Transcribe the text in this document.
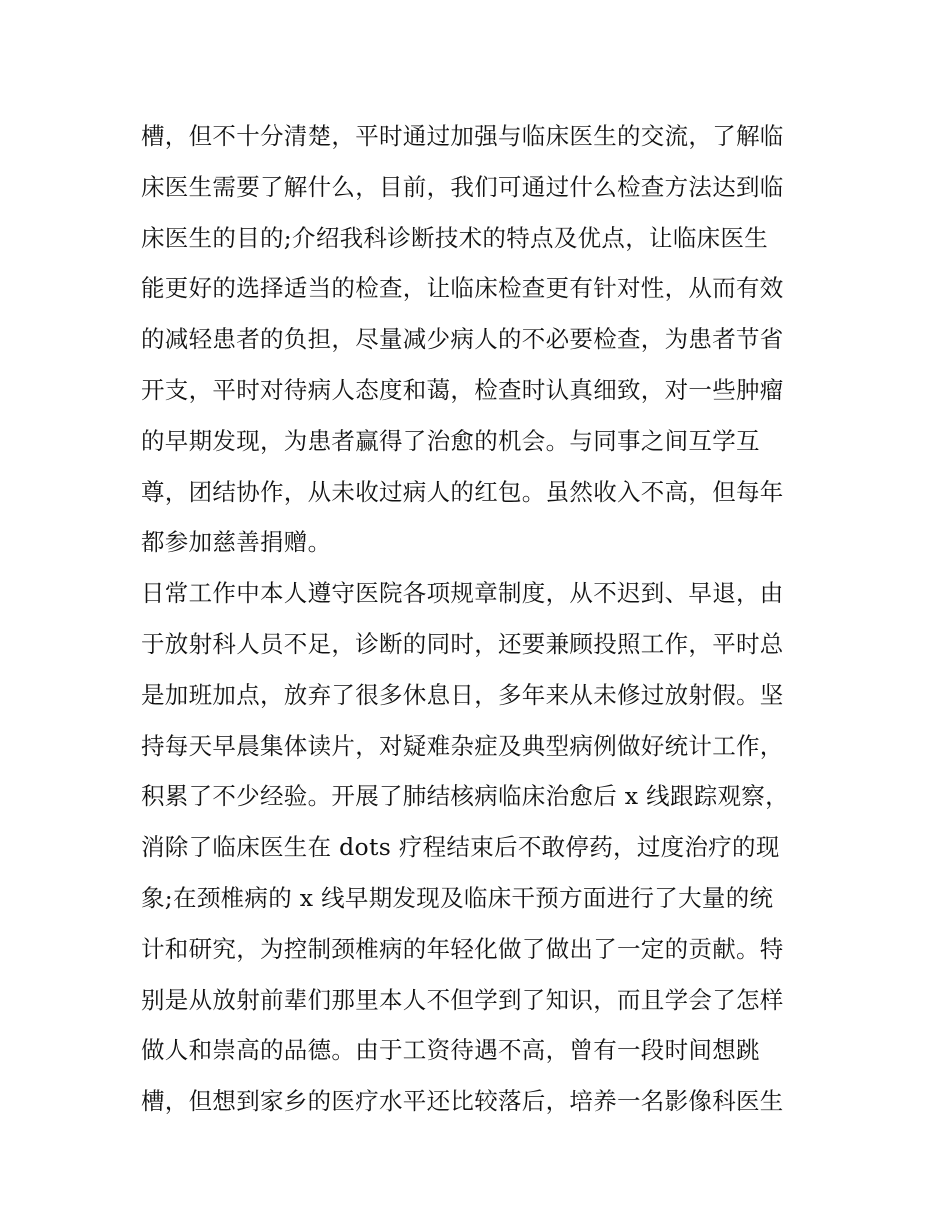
槽，但不十分清楚，平时通过加强与临床医生的交流，了解临
床医生需要了解什么，目前，我们可通过什么检查方法达到临
床医生的目的;介绍我科诊断技术的特点及优点，让临床医生
能更好的选择适当的检查，让临床检查更有针对性，从而有效
的减轻患者的负担，尽量减少病人的不必要检查，为患者节省
开支，平时对待病人态度和蔼，检查时认真细致，对一些肿瘤
的早期发现，为患者赢得了治愈的机会。与同事之间互学互
尊，团结协作，从未收过病人的红包。虽然收入不高，但每年
都参加慈善捐赠。
日常工作中本人遵守医院各项规章制度，从不迟到、早退，由
于放射科人员不足，诊断的同时，还要兼顾投照工作，平时总
是加班加点，放弃了很多休息日，多年来从未修过放射假。坚
持每天早晨集体读片，对疑难杂症及典型病例做好统计工作，
积累了不少经验。开展了肺结核病临床治愈后 x 线跟踪观察，
消除了临床医生在 dots 疗程结束后不敢停药，过度治疗的现
象;在颈椎病的 x 线早期发现及临床干预方面进行了大量的统
计和研究，为控制颈椎病的年轻化做了做出了一定的贡献。特
别是从放射前辈们那里本人不但学到了知识，而且学会了怎样
做人和崇高的品德。由于工资待遇不高，曾有一段时间想跳
槽，但想到家乡的医疗水平还比较落后，培养一名影像科医生
